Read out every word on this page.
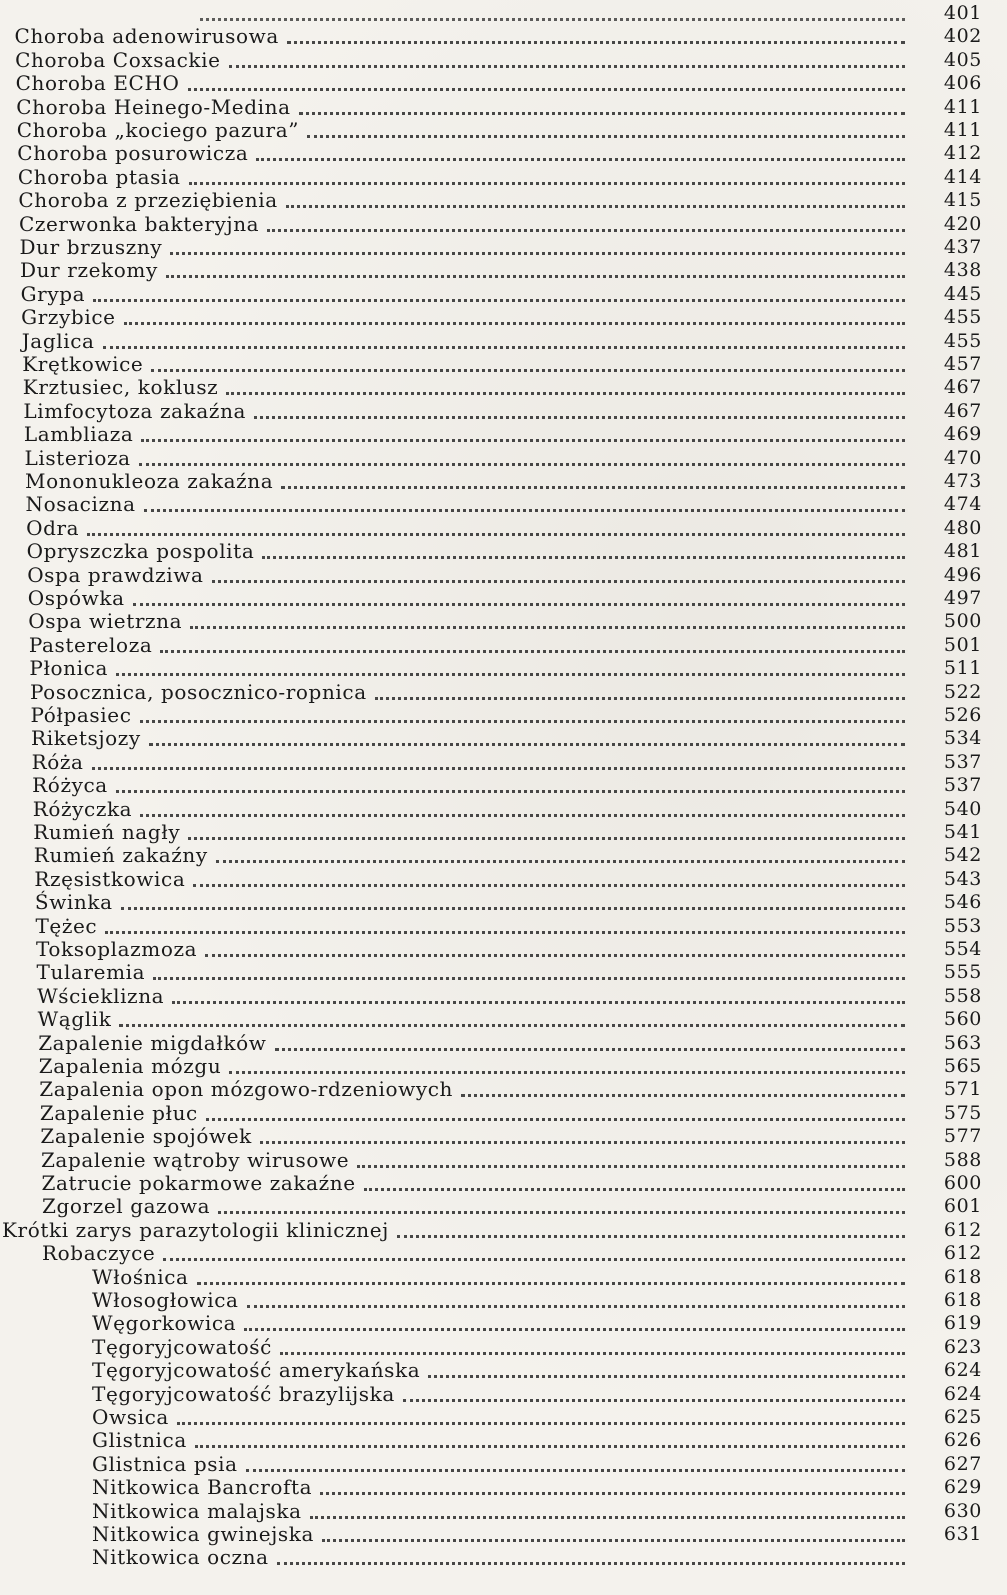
401
Choroba adenowirusowa	402
Choroba Coxsackie	405
Choroba ECHO	406
Choroba Heinego-Medina	411
Choroba „kociego pazura”	411
Choroba posurowicza	412
Choroba ptasia	414
Choroba z przeziębienia	415
Czerwonka bakteryjna	420
Dur brzuszny	437
Dur rzekomy	438
Grypa	445
Grzybice	455
Jaglica	455
Krętkowice	457
Krztusiec, koklusz	467
Limfocytoza zakaźna	467
Lambliaza	469
Listerioza	470
Mononukleoza zakaźna	473
Nosacizna	474
Odra	480
Opryszczka pospolita	481
Ospa prawdziwa	496
Ospówka	497
Ospa wietrzna	500
Pastereloza	501
Płonica	511
Posocznica, posocznico-ropnica	522
Półpasiec	526
Riketsjozy	534
Róża	537
Różyca	537
Różyczka	540
Rumień nagły	541
Rumień zakaźny	542
Rzęsistkowica	543
Świnka	546
Tężec	553
Toksoplazmoza	554
Tularemia	555
Wścieklizna	558
Wąglik	560
Zapalenie migdałków	563
Zapalenia mózgu	565
Zapalenia opon mózgowo-rdzeniowych	571
Zapalenie płuc	575
Zapalenie spojówek	577
Zapalenie wątroby wirusowe	588
Zatrucie pokarmowe zakaźne	600
Zgorzel gazowa	601
Krótki zarys parazytologii klinicznej	612
Robaczyce	612
Włośnica	618
Włosogłowica	618
Węgorkowica	619
Tęgoryjcowatość	623
Tęgoryjcowatość amerykańska	624
Tęgoryjcowatość brazylijska	624
Owsica	625
Glistnica	626
Glistnica psia	627
Nitkowica Bancrofta	629
Nitkowica malajska	630
Nitkowica gwinejska	631
Nitkowica oczna
